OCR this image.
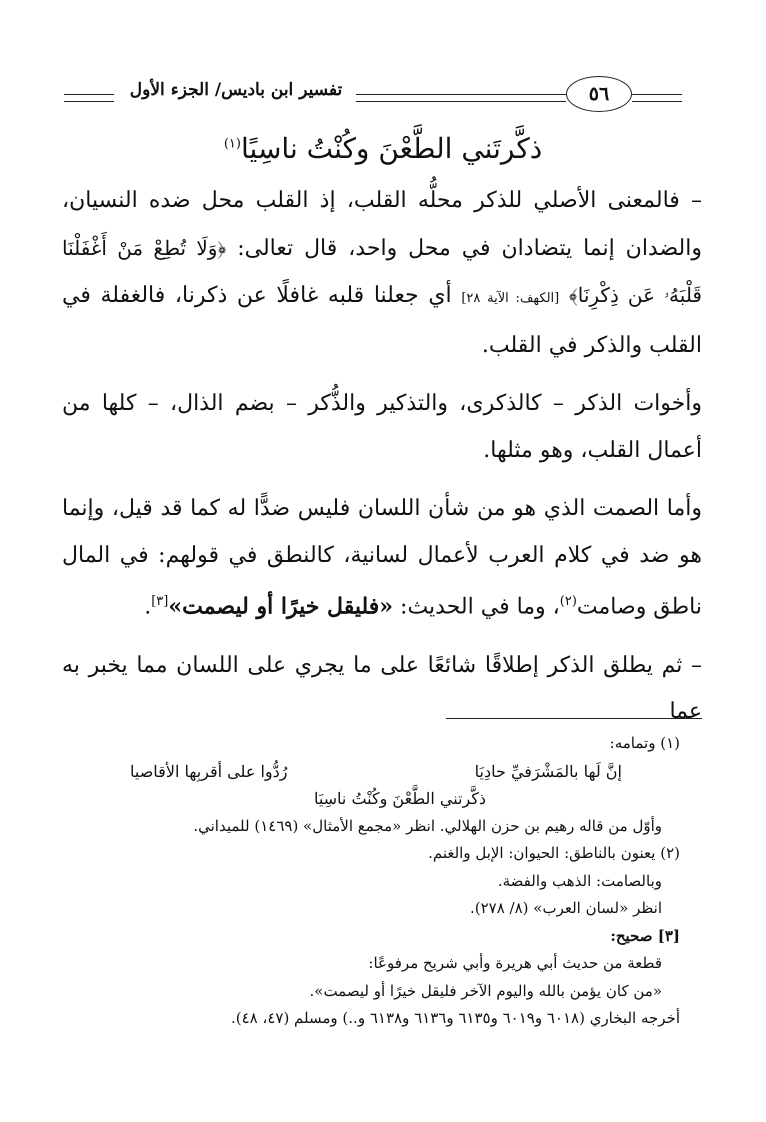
٥٦
تفسير ابن باديس/ الجزء الأول
ذكَّرتَني الطَّعْنَ وكُنْتُ ناسِيًا$^{(١)}$

– فالمعنى الأصلي للذكر محلُّه القلب، إذ القلب محل ضده النسيان، والضدان إنما يتضادان في محل واحد، قال تعالى: ﴿وَلَا تُطِعْ مَنْ أَغْفَلْنَا قَلْبَهُۥ عَن ذِكْرِنَا﴾ [الكهف: الآية ٢٨] أي جعلنا قلبه غافلًا عن ذكرنا، فالغفلة في القلب والذكر في القلب.

وأخوات الذكر – كالذكرى، والتذكير والذُّكر – بضم الذال، – كلها من أعمال القلب، وهو مثلها.

وأما الصمت الذي هو من شأن اللسان فليس ضدًّا له كما قد قيل، وإنما هو ضد في كلام العرب لأعمال لسانية، كالنطق في قولهم: في المال ناطق وصامت$^{(٢)}$، وما في الحديث: «فليقل خيرًا أو ليصمت»[٣].

– ثم يطلق الذكر إطلاقًا شائعًا على ما يجري على اللسان مما يخبر به عما

(١) وتمامه:
إنَّ لَها بالمَشْرَفيِّ حادِيَا
رُدُّوا على أقربِها الأقاصيا
ذكَّرتني الطَّعْنَ وكُنْتُ ناسِيَا
وأوّل من قاله رهيم بن حزن الهلالي. انظر «مجمع الأمثال» (١٤٦٩) للميداني.
(٢) يعنون بالناطق: الحيوان: الإبل والغنم.
وبالصامت: الذهب والفضة.
انظر «لسان العرب» (٨/ ٢٧٨).
[٣] صحيح:
قطعة من حديث أبي هريرة وأبي شريح مرفوعًا:
«من كان يؤمن بالله واليوم الآخر فليقل خيرًا أو ليصمت».
أخرجه البخاري (٦٠١٨ و٦٠١٩ و٦١٣٥ و٦١٣٦ و٦١٣٨ و..) ومسلم (٤٧، ٤٨).
